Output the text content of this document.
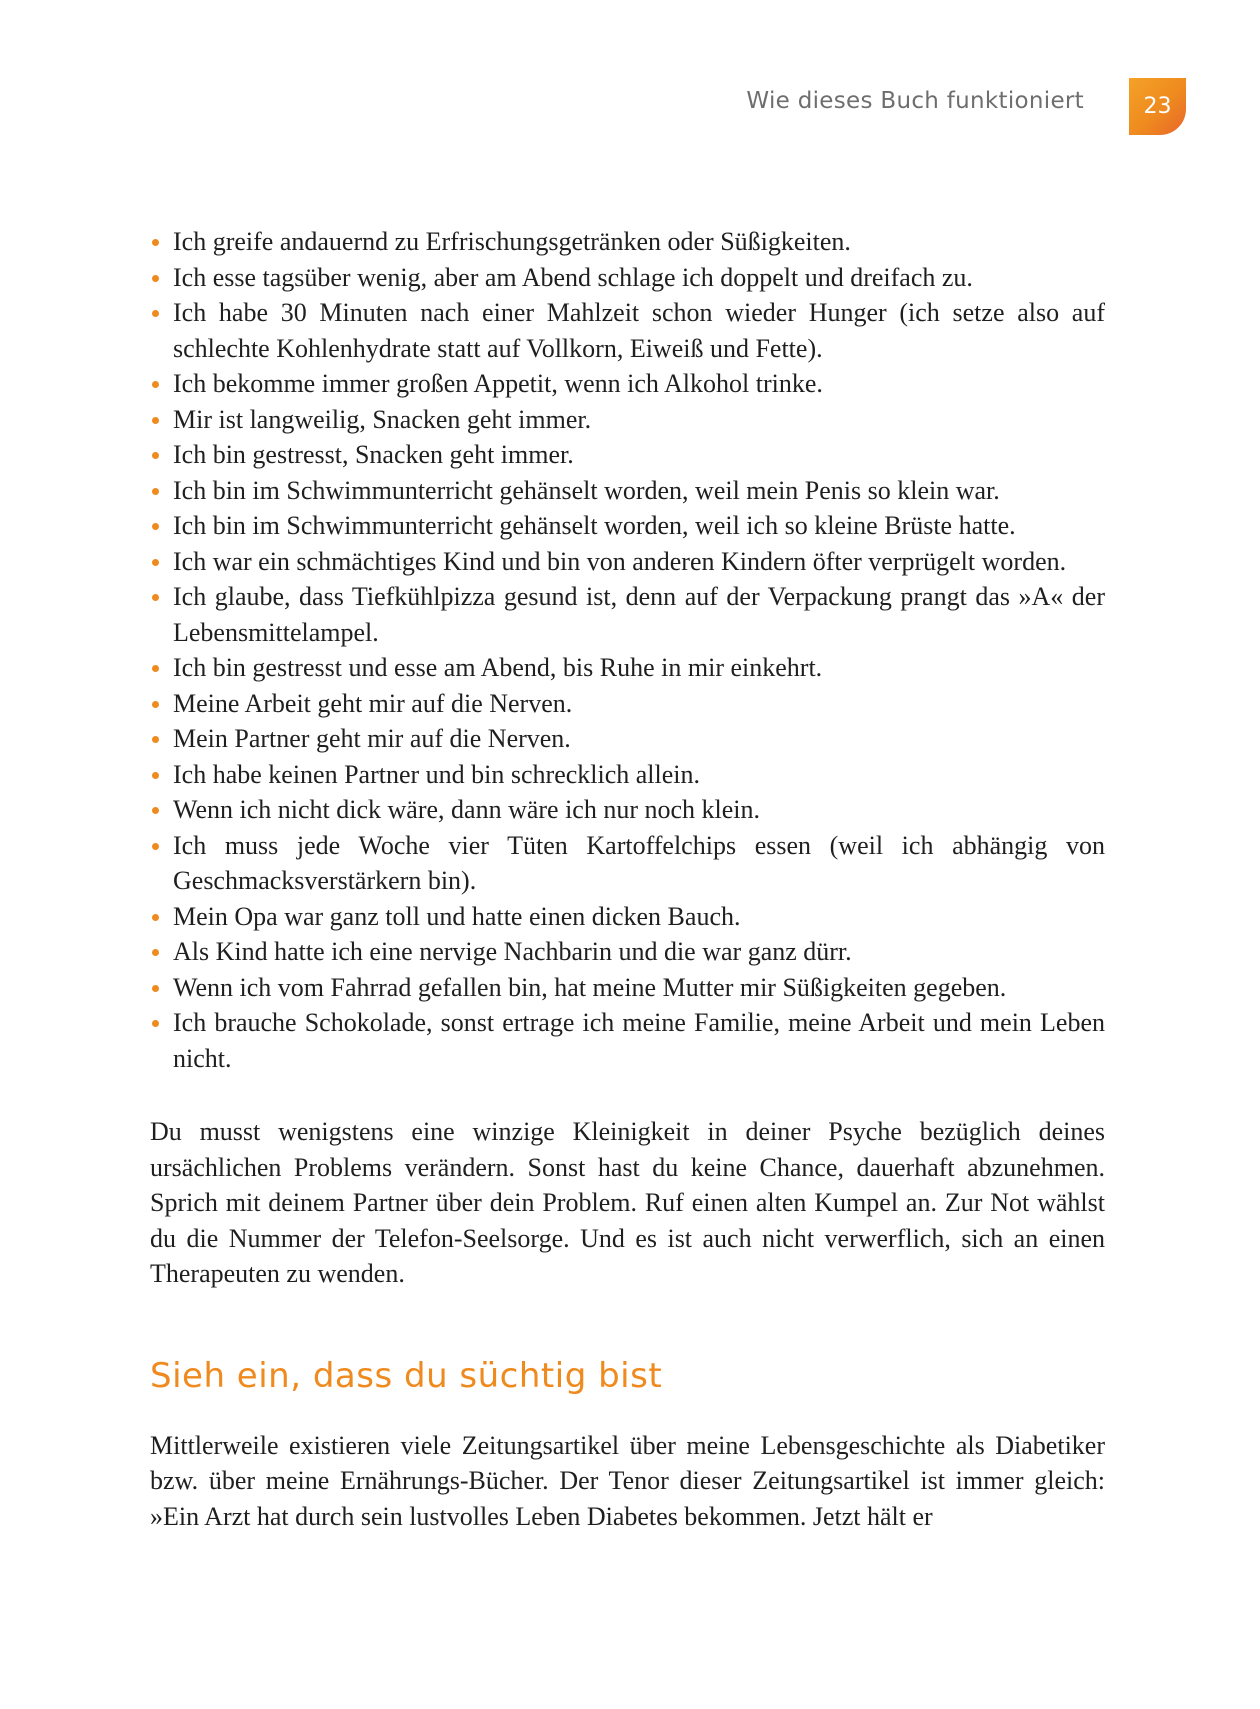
Wie dieses Buch funktioniert	23
Ich greife andauernd zu Erfrischungsgetränken oder Süßigkeiten.
Ich esse tagsüber wenig, aber am Abend schlage ich doppelt und dreifach zu.
Ich habe 30 Minuten nach einer Mahlzeit schon wieder Hunger (ich setze also auf schlechte Kohlenhydrate statt auf Vollkorn, Eiweiß und Fette).
Ich bekomme immer großen Appetit, wenn ich Alkohol trinke.
Mir ist langweilig, Snacken geht immer.
Ich bin gestresst, Snacken geht immer.
Ich bin im Schwimmunterricht gehänselt worden, weil mein Penis so klein war.
Ich bin im Schwimmunterricht gehänselt worden, weil ich so kleine Brüste hatte.
Ich war ein schmächtiges Kind und bin von anderen Kindern öfter verprügelt worden.
Ich glaube, dass Tiefkühlpizza gesund ist, denn auf der Verpackung prangt das »A« der Lebensmittelampel.
Ich bin gestresst und esse am Abend, bis Ruhe in mir einkehrt.
Meine Arbeit geht mir auf die Nerven.
Mein Partner geht mir auf die Nerven.
Ich habe keinen Partner und bin schrecklich allein.
Wenn ich nicht dick wäre, dann wäre ich nur noch klein.
Ich muss jede Woche vier Tüten Kartoffelchips essen (weil ich abhängig von Geschmacksverstärkern bin).
Mein Opa war ganz toll und hatte einen dicken Bauch.
Als Kind hatte ich eine nervige Nachbarin und die war ganz dürr.
Wenn ich vom Fahrrad gefallen bin, hat meine Mutter mir Süßigkeiten gegeben.
Ich brauche Schokolade, sonst ertrage ich meine Familie, meine Arbeit und mein Leben nicht.

Du musst wenigstens eine winzige Kleinigkeit in deiner Psyche bezüglich deines ursächlichen Problems verändern. Sonst hast du keine Chance, dauerhaft abzunehmen. Sprich mit deinem Partner über dein Problem. Ruf einen alten Kumpel an. Zur Not wählst du die Nummer der Telefon-Seelsorge. Und es ist auch nicht verwerflich, sich an einen Therapeuten zu wenden.

Sieh ein, dass du süchtig bist

Mittlerweile existieren viele Zeitungsartikel über meine Lebensgeschichte als Diabetiker bzw. über meine Ernährungs-Bücher. Der Tenor dieser Zeitungsartikel ist immer gleich: »Ein Arzt hat durch sein lustvolles Leben Diabetes bekommen. Jetzt hält er
